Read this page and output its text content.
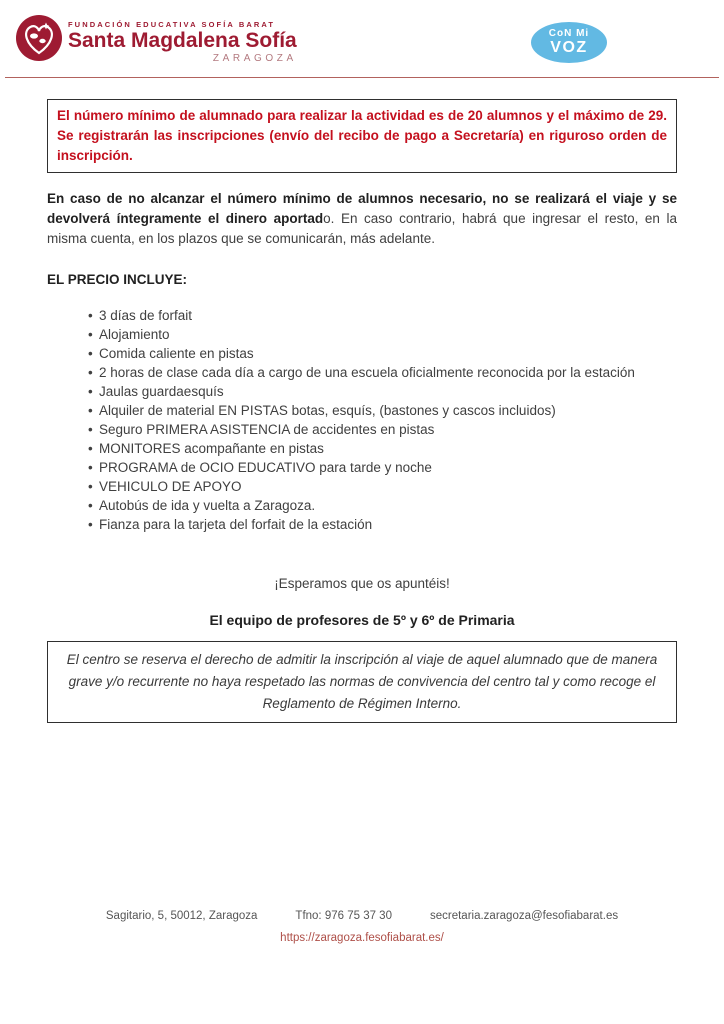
FUNDACIÓN EDUCATIVA SOFÍA BARAT
Santa Magdalena Sofía
ZARAGOZA
CoN Mi
VOZ
El número mínimo de alumnado para realizar la actividad es de 20 alumnos y el máximo de 29. Se registrarán las inscripciones (envío del recibo de pago a Secretaría) en riguroso orden de inscripción.

En caso de no alcanzar el número mínimo de alumnos necesario, no se realizará el viaje y se devolverá íntegramente el dinero aportado. En caso contrario, habrá que ingresar el resto, en la misma cuenta, en los plazos que se comunicarán, más adelante.

EL PRECIO INCLUYE:
• 3 días de forfait
• Alojamiento
• Comida caliente en pistas
• 2 horas de clase cada día a cargo de una escuela oficialmente reconocida por la estación
• Jaulas guardaesquís
• Alquiler de material EN PISTAS botas, esquís, (bastones y cascos incluidos)
• Seguro PRIMERA ASISTENCIA de accidentes en pistas
• MONITORES acompañante en pistas
• PROGRAMA de OCIO EDUCATIVO para tarde y noche
• VEHICULO DE APOYO
• Autobús de ida y vuelta a Zaragoza.
• Fianza para la tarjeta del forfait de la estación
¡Esperamos que os apuntéis!
El equipo de profesores de 5º y 6º de Primaria
El centro se reserva el derecho de admitir la inscripción al viaje de aquel alumnado que de manera grave y/o recurrente no haya respetado las normas de convivencia del centro tal y como recoge el Reglamento de Régimen Interno.
Sagitario, 5, 50012, Zaragoza	Tfno: 976 75 37 30	secretaria.zaragoza@fesofiabarat.es
https://zaragoza.fesofiabarat.es/
